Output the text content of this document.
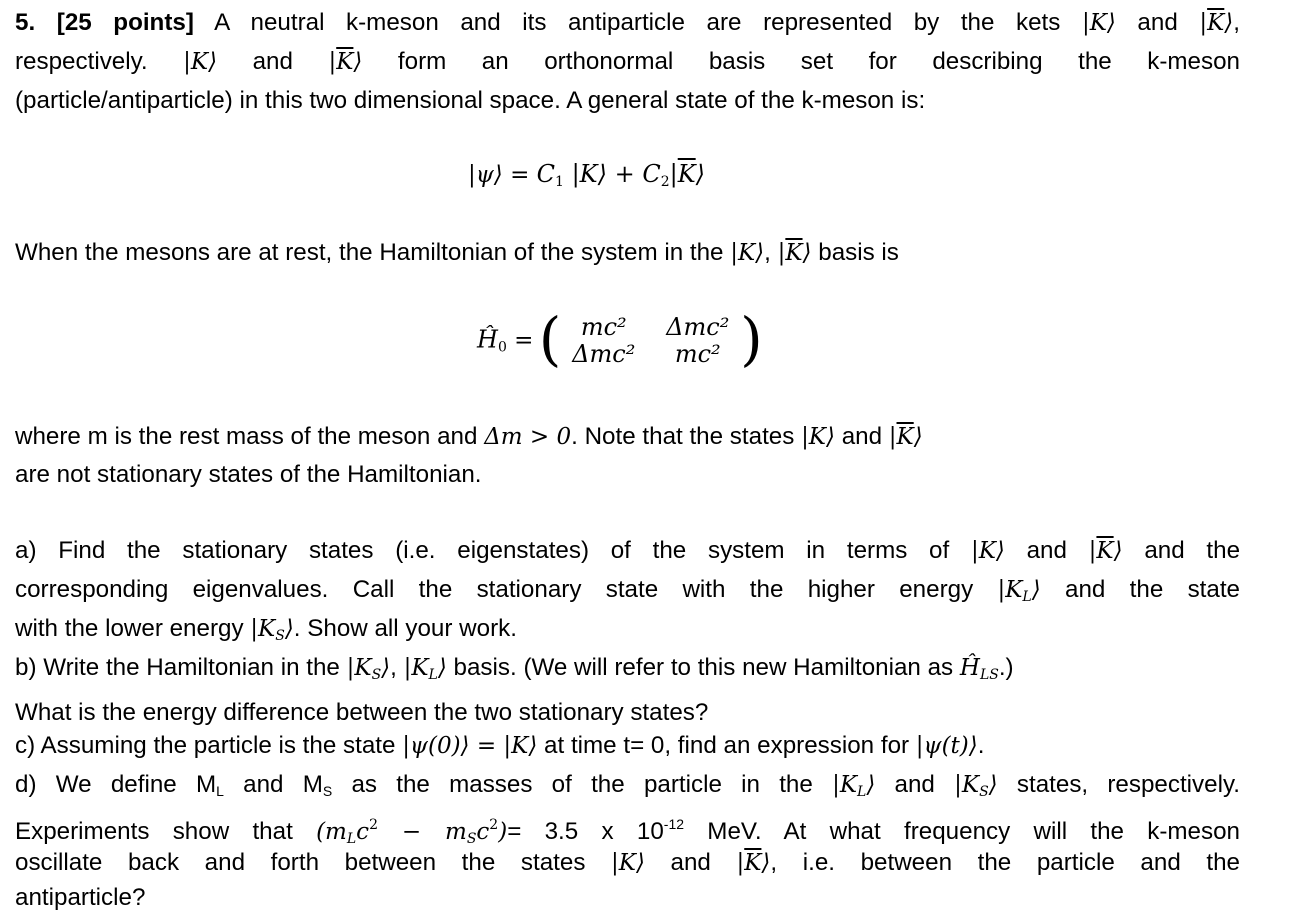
5. [25 points] A neutral k-meson and its antiparticle are represented by the kets |K⟩ and $|\overline{K}⟩$,
respectively. |K⟩ and $|\overline{K}⟩$ form an orthonormal basis set for describing the k-meson
(particle/antiparticle) in this two dimensional space. A general state of the k-meson is:
|ψ⟩ = $C_1$ |K⟩ + $C_2|\overline{K}⟩$
When the mesons are at rest, the Hamiltonian of the system in the |K⟩, $|\overline{K}⟩$ basis is
$Ĥ_0$ =
( mc² Δmc²
Δmc² mc² )
where m is the rest mass of the meson and Δm > 0. Note that the states |K⟩ and $|\overline{K}⟩$
are not stationary states of the Hamiltonian.
a) Find the stationary states (i.e. eigenstates) of the system in terms of |K⟩ and $|\overline{K}⟩$ and the
corresponding eigenvalues. Call the stationary state with the higher energy $|K_L⟩$ and the state
with the lower energy $|K_S⟩$. Show all your work.
b) Write the Hamiltonian in the $|K_S⟩$, $|K_L⟩$ basis. (We will refer to this new Hamiltonian as $Ĥ_{LS}$.)
What is the energy difference between the two stationary states?
c) Assuming the particle is the state |ψ(0)⟩ = |K⟩ at time t= 0, find an expression for |ψ(t)⟩.
d) We define $M_L$ and $M_S$ as the masses of the particle in the $|K_L⟩$ and $|K_S⟩$ states, respectively.
Experiments show that $(m_Lc^2 - m_Sc^2)= 3.5$ x $10^{-12}$ MeV. At what frequency will the k-meson
oscillate back and forth between the states |K⟩ and $|\overline{K}⟩$, i.e. between the particle and the
antiparticle?
